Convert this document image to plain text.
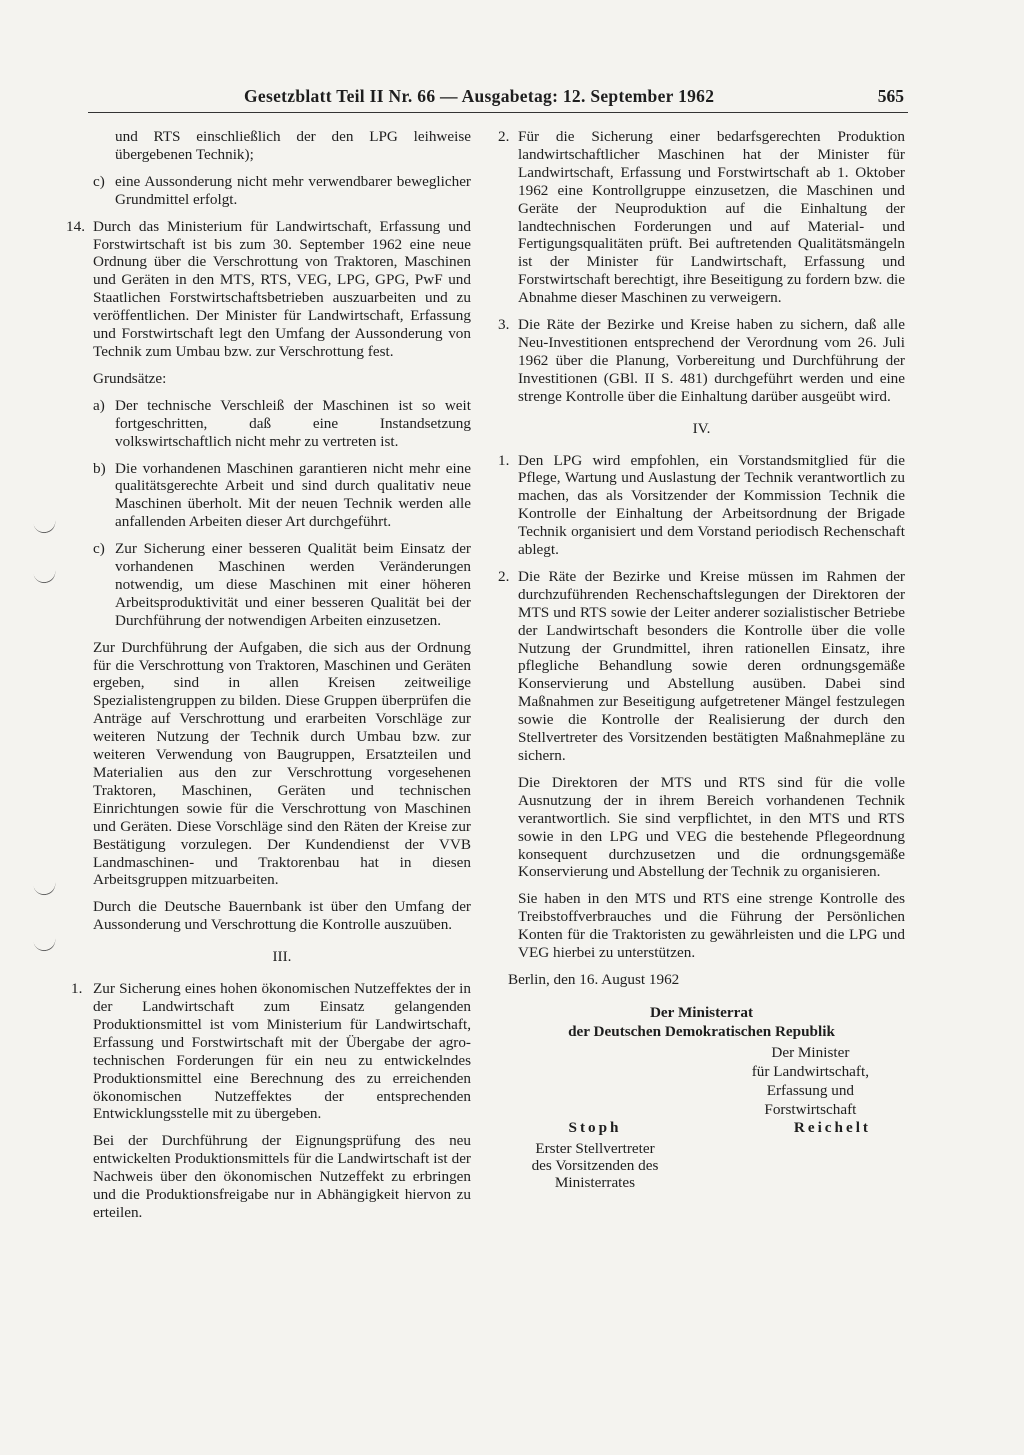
Gesetzblatt Teil II Nr. 66 — Ausgabetag: 12. September 1962	565
und RTS einschließlich der den LPG leihweise übergebenen Technik);
c) eine Aussonderung nicht mehr verwendbarer beweglicher Grundmittel erfolgt.
14. Durch das Ministerium für Landwirtschaft, Erfassung und Forstwirtschaft ist bis zum 30. September 1962 eine neue Ordnung über die Verschrottung von Traktoren, Maschinen und Geräten in den MTS, RTS, VEG, LPG, GPG, PwF und Staatlichen Forstwirtschaftsbetrieben auszuarbeiten und zu veröffentlichen. Der Minister für Landwirtschaft, Erfassung und Forstwirtschaft legt den Umfang der Aussonderung von Technik zum Umbau bzw. zur Verschrottung fest.

Grundsätze:

a) Der technische Verschleiß der Maschinen ist so weit fortgeschritten, daß eine Instandsetzung volkswirtschaftlich nicht mehr zu vertreten ist.
b) Die vorhandenen Maschinen garantieren nicht mehr eine qualitätsgerechte Arbeit und sind durch qualitativ neue Maschinen überholt. Mit der neuen Technik werden alle anfallenden Arbeiten dieser Art durchgeführt.
c) Zur Sicherung einer besseren Qualität beim Einsatz der vorhandenen Maschinen werden Veränderungen notwendig, um diese Maschinen mit einer höheren Arbeitsproduktivität und einer besseren Qualität bei der Durchführung der notwendigen Arbeiten einzusetzen.

Zur Durchführung der Aufgaben, die sich aus der Ordnung für die Verschrottung von Traktoren, Maschinen und Geräten ergeben, sind in allen Kreisen zeitweilige Spezialistengruppen zu bilden. Diese Gruppen überprüfen die Anträge auf Verschrottung und erarbeiten Vorschläge zur weiteren Nutzung der Technik durch Umbau bzw. zur weiteren Verwendung von Baugruppen, Ersatzteilen und Materialien aus den zur Verschrottung vorgesehenen Traktoren, Maschinen, Geräten und technischen Einrichtungen sowie für die Verschrottung von Maschinen und Geräten. Diese Vorschläge sind den Räten der Kreise zur Bestätigung vorzulegen. Der Kundendienst der VVB Landmaschinen- und Traktorenbau hat in diesen Arbeitsgruppen mitzuarbeiten.

Durch die Deutsche Bauernbank ist über den Umfang der Aussonderung und Verschrottung die Kontrolle auszuüben.

III.
1. Zur Sicherung eines hohen ökonomischen Nutzeffektes der in der Landwirtschaft zum Einsatz gelangenden Produktionsmittel ist vom Ministerium für Landwirtschaft, Erfassung und Forstwirtschaft mit der Übergabe der agro-technischen Forderungen für ein neu zu entwickelndes Produktionsmittel eine Berechnung des zu erreichenden ökonomischen Nutzeffektes der entsprechenden Entwicklungsstelle mit zu übergeben.

Bei der Durchführung der Eignungsprüfung des neu entwickelten Produktionsmittels für die Landwirtschaft ist der Nachweis über den ökonomischen Nutzeffekt zu erbringen und die Produktionsfreigabe nur in Abhängigkeit hiervon zu erteilen.

2. Für die Sicherung einer bedarfsgerechten Produktion landwirtschaftlicher Maschinen hat der Minister für Landwirtschaft, Erfassung und Forstwirtschaft ab 1. Oktober 1962 eine Kontrollgruppe einzusetzen, die Maschinen und Geräte der Neuproduktion auf die Einhaltung der landtechnischen Forderungen und auf Material- und Fertigungsqualitäten prüft. Bei auftretenden Qualitätsmängeln ist der Minister für Landwirtschaft, Erfassung und Forstwirtschaft berechtigt, ihre Beseitigung zu fordern bzw. die Abnahme dieser Maschinen zu verweigern.
3. Die Räte der Bezirke und Kreise haben zu sichern, daß alle Neu-Investitionen entsprechend der Verordnung vom 26. Juli 1962 über die Planung, Vorbereitung und Durchführung der Investitionen (GBl. II S. 481) durchgeführt werden und eine strenge Kontrolle über die Einhaltung darüber ausgeübt wird.
IV.
1. Den LPG wird empfohlen, ein Vorstandsmitglied für die Pflege, Wartung und Auslastung der Technik verantwortlich zu machen, das als Vorsitzender der Kommission Technik die Kontrolle der Einhaltung der Arbeitsordnung der Brigade Technik organisiert und dem Vorstand periodisch Rechenschaft ablegt.
2. Die Räte der Bezirke und Kreise müssen im Rahmen der durchzuführenden Rechenschaftslegungen der Direktoren der MTS und RTS sowie der Leiter anderer sozialistischer Betriebe der Landwirtschaft besonders die Kontrolle über die volle Nutzung der Grundmittel, ihren rationellen Einsatz, ihre pflegliche Behandlung sowie deren ordnungsgemäße Konservierung und Abstellung ausüben. Dabei sind Maßnahmen zur Beseitigung aufgetretener Mängel festzulegen sowie die Kontrolle der Realisierung der durch den Stellvertreter des Vorsitzenden bestätigten Maßnahmepläne zu sichern.
Die Direktoren der MTS und RTS sind für die volle Ausnutzung der in ihrem Bereich vorhandenen Technik verantwortlich. Sie sind verpflichtet, in den MTS und RTS sowie in den LPG und VEG die bestehende Pflegeordnung konsequent durchzusetzen und die ordnungsgemäße Konservierung und Abstellung der Technik zu organisieren.
Sie haben in den MTS und RTS eine strenge Kontrolle des Treibstoffverbrauches und die Führung der Persönlichen Konten für die Traktoristen zu gewährleisten und die LPG und VEG hierbei zu unterstützen.
Berlin, den 16. August 1962
Der Ministerrat
der Deutschen Demokratischen Republik
Der Minister
für Landwirtschaft,
Erfassung und
Forstwirtschaft
Stoph
Erster Stellvertreter
des Vorsitzenden des
Ministerrates
Reichelt
